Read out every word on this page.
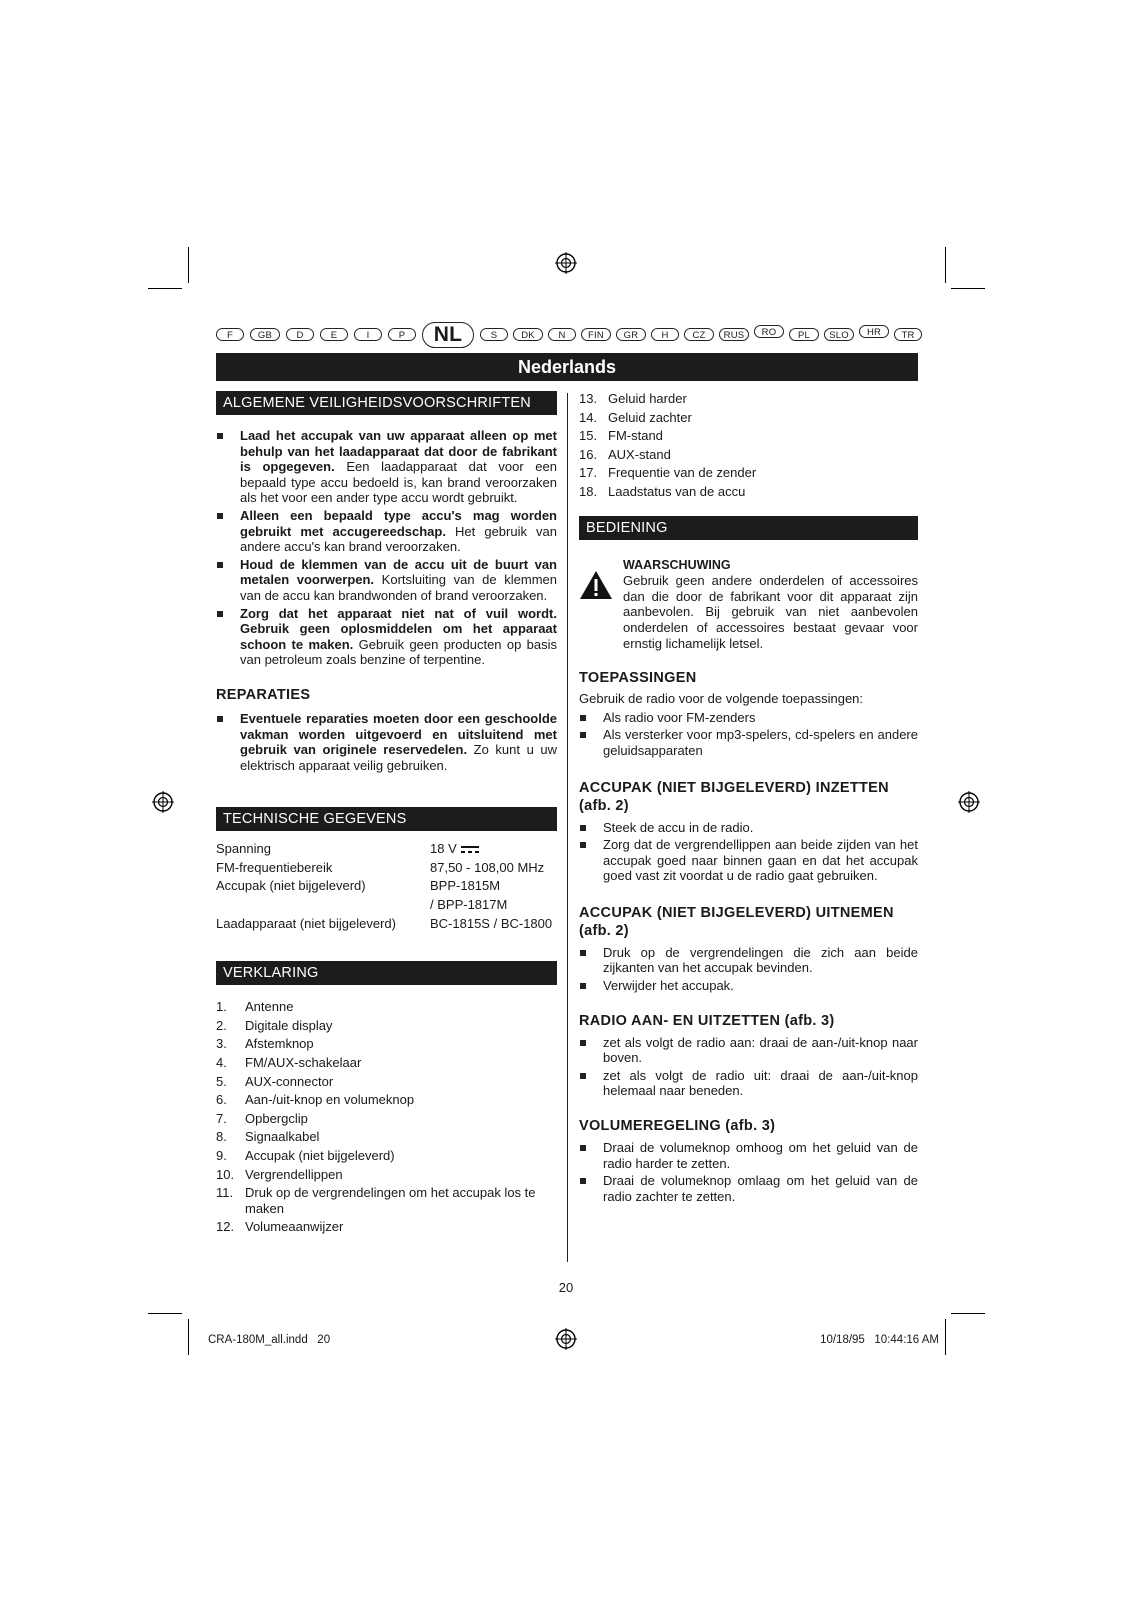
F	GB	D	E	I	P	NL	S	DK	N	FIN	GR	H	CZ	RUS	RO	PL	SLO	HR	TR
Nederlands
ALGEMENE VEILIGHEIDSVOORSCHRIFTEN
Laad het accupak van uw apparaat alleen op met behulp van het laadapparaat dat door de fabrikant is opgegeven. Een laadapparaat dat voor een bepaald type accu bedoeld is, kan brand veroorzaken als het voor een ander type accu wordt gebruikt.
Alleen een bepaald type accu's mag worden gebruikt met accugereedschap. Het gebruik van andere accu's kan brand veroorzaken.
Houd de klemmen van de accu uit de buurt van metalen voorwerpen. Kortsluiting van de klemmen van de accu kan brandwonden of brand veroorzaken.
Zorg dat het apparaat niet nat of vuil wordt. Gebruik geen oplosmiddelen om het apparaat schoon te maken. Gebruik geen producten op basis van petroleum zoals benzine of terpentine.
REPARATIES
Eventuele reparaties moeten door een geschoolde vakman worden uitgevoerd en uitsluitend met gebruik van originele reservedelen. Zo kunt u uw elektrisch apparaat veilig gebruiken.
TECHNISCHE GEGEVENS
Spanning	18 V
FM-frequentiebereik	87,50 - 108,00 MHz
Accupak (niet bijgeleverd)	BPP-1815M
/ BPP-1817M
Laadapparaat (niet bijgeleverd)	BC-1815S / BC-1800
VERKLARING
1.	Antenne
2.	Digitale display
3.	Afstemknop
4.	FM/AUX-schakelaar
5.	AUX-connector
6.	Aan-/uit-knop en volumeknop
7.	Opbergclip
8.	Signaalkabel
9.	Accupak (niet bijgeleverd)
10. Vergrendellippen
11. Druk op de vergrendelingen om het accupak los te maken
12. Volumeaanwijzer
13. Geluid harder
14. Geluid zachter
15. FM-stand
16. AUX-stand
17. Frequentie van de zender
18. Laadstatus van de accu
BEDIENING
WAARSCHUWING
Gebruik geen andere onderdelen of accessoires dan die door de fabrikant voor dit apparaat zijn aanbevolen. Bij gebruik van niet aanbevolen onderdelen of accessoires bestaat gevaar voor ernstig lichamelijk letsel.
TOEPASSINGEN
Gebruik de radio voor de volgende toepassingen:
Als radio voor FM-zenders
Als versterker voor mp3-spelers, cd-spelers en andere geluidsapparaten
ACCUPAK (NIET BIJGELEVERD) INZETTEN (afb. 2)
Steek de accu in de radio.
Zorg dat de vergrendellippen aan beide zijden van het accupak goed naar binnen gaan en dat het accupak goed vast zit voordat u de radio gaat gebruiken.
ACCUPAK (NIET BIJGELEVERD) UITNEMEN (afb. 2)
Druk op de vergrendelingen die zich aan beide zijkanten van het accupak bevinden.
Verwijder het accupak.
RADIO AAN- EN UITZETTEN (afb. 3)
zet als volgt de radio aan: draai de aan-/uit-knop naar boven.
zet als volgt de radio uit: draai de aan-/uit-knop helemaal naar beneden.
VOLUMEREGELING (afb. 3)
Draai de volumeknop omhoog om het geluid van de radio harder te zetten.
Draai de volumeknop omlaag om het geluid van de radio zachter te zetten.
20
CRA-180M_all.indd   20	10/18/95   10:44:16 AM
